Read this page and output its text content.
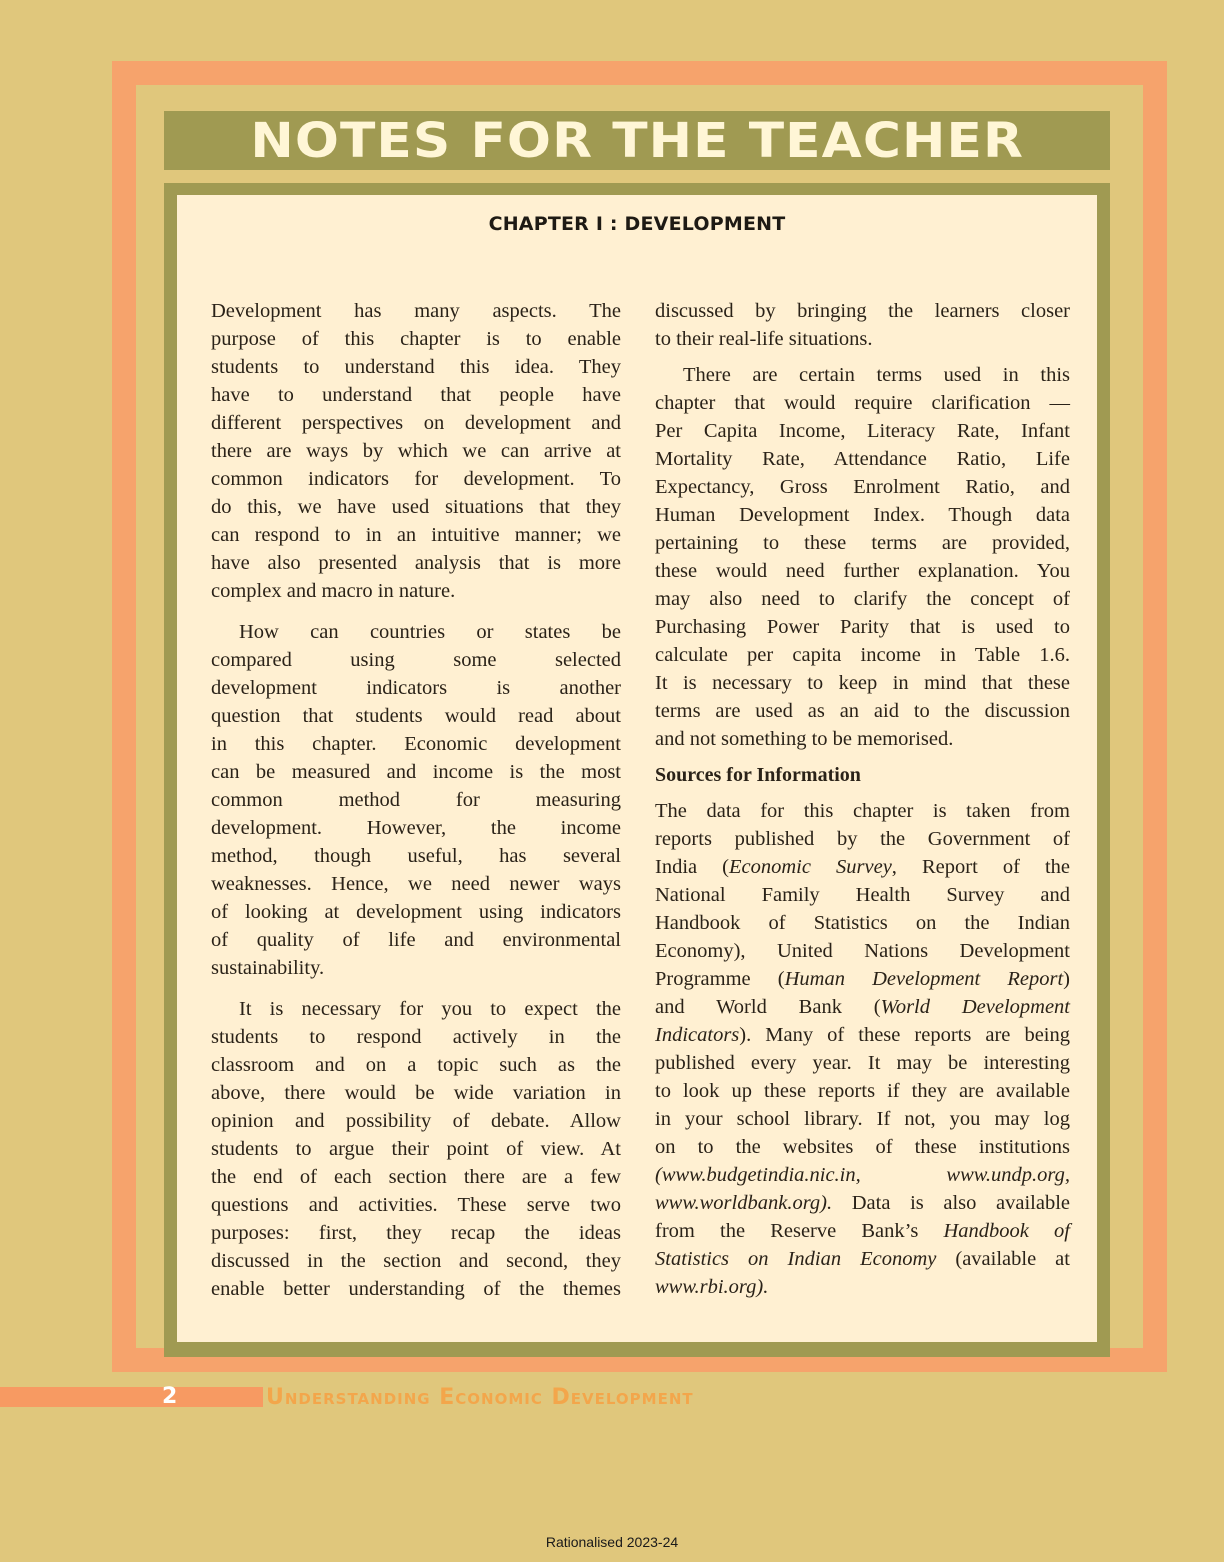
NOTES FOR THE TEACHER
CHAPTER I : DEVELOPMENT
Development has many aspects. The
purpose of this chapter is to enable
students to understand this idea. They
have to understand that people have
different perspectives on development and
there are ways by which we can arrive at
common indicators for development. To
do this, we have used situations that they
can respond to in an intuitive manner; we
have also presented analysis that is more
complex and macro in nature.
How can countries or states be
compared using some selected
development indicators is another
question that students would read about
in this chapter. Economic development
can be measured and income is the most
common method for measuring
development. However, the income
method, though useful, has several
weaknesses. Hence, we need newer ways
of looking at development using indicators
of quality of life and environmental
sustainability.
It is necessary for you to expect the
students to respond actively in the
classroom and on a topic such as the
above, there would be wide variation in
opinion and possibility of debate. Allow
students to argue their point of view. At
the end of each section there are a few
questions and activities. These serve two
purposes: first, they recap the ideas
discussed in the section and second, they
enable better understanding of the themes
discussed by bringing the learners closer
to their real-life situations.
There are certain terms used in this
chapter that would require clarification —
Per Capita Income, Literacy Rate, Infant
Mortality Rate, Attendance Ratio, Life
Expectancy, Gross Enrolment Ratio, and
Human Development Index. Though data
pertaining to these terms are provided,
these would need further explanation. You
may also need to clarify the concept of
Purchasing Power Parity that is used to
calculate per capita income in Table 1.6.
It is necessary to keep in mind that these
terms are used as an aid to the discussion
and not something to be memorised.
Sources for Information
The data for this chapter is taken from
reports published by the Government of
India (Economic Survey, Report of the
National Family Health Survey and
Handbook of Statistics on the Indian
Economy), United Nations Development
Programme (Human Development Report)
and World Bank (World Development
Indicators). Many of these reports are being
published every year. It may be interesting
to look up these reports if they are available
in your school library. If not, you may log
on to the websites of these institutions
(www.budgetindia.nic.in, www.undp.org,
www.worldbank.org). Data is also available
from the Reserve Bank’s Handbook of
Statistics on Indian Economy (available at
www.rbi.org).
2	Understanding Economic Development
Rationalised 2023-24
